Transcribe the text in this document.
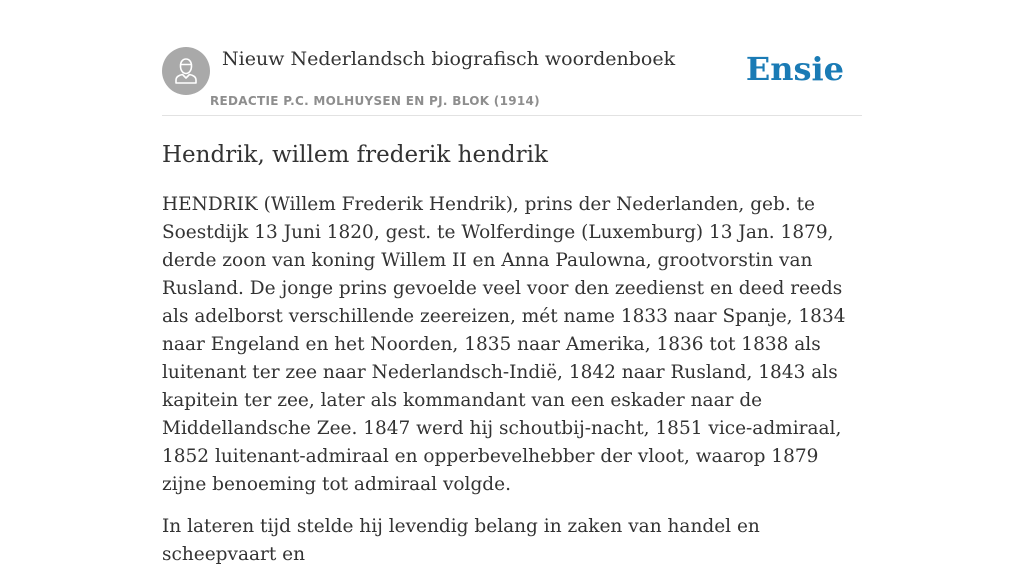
Nieuw Nederlandsch biografisch woordenboek
REDACTIE P.C. MOLHUYSEN EN PJ. BLOK (1914)
Ensie
Hendrik, willem frederik hendrik

HENDRIK (Willem Frederik Hendrik), prins der Nederlanden, geb. te Soestdijk 13 Juni 1820, gest. te Wolferdinge (Luxemburg) 13 Jan. 1879, derde zoon van koning Willem II en Anna Paulowna, grootvorstin van Rusland. De jonge prins gevoelde veel voor den zeedienst en deed reeds als adelborst verschillende zeereizen, mét name 1833 naar Spanje, 1834 naar Engeland en het Noorden, 1835 naar Amerika, 1836 tot 1838 als luitenant ter zee naar Nederlandsch-Indië, 1842 naar Rusland, 1843 als kapitein ter zee, later als kommandant van een eskader naar de Middellandsche Zee. 1847 werd hij schoutbij-nacht, 1851 vice-admiraal, 1852 luitenant-admiraal en opperbevelhebber der vloot, waarop 1879 zijne benoeming tot admiraal volgde.

In lateren tijd stelde hij levendig belang in zaken van handel en scheepvaart en
